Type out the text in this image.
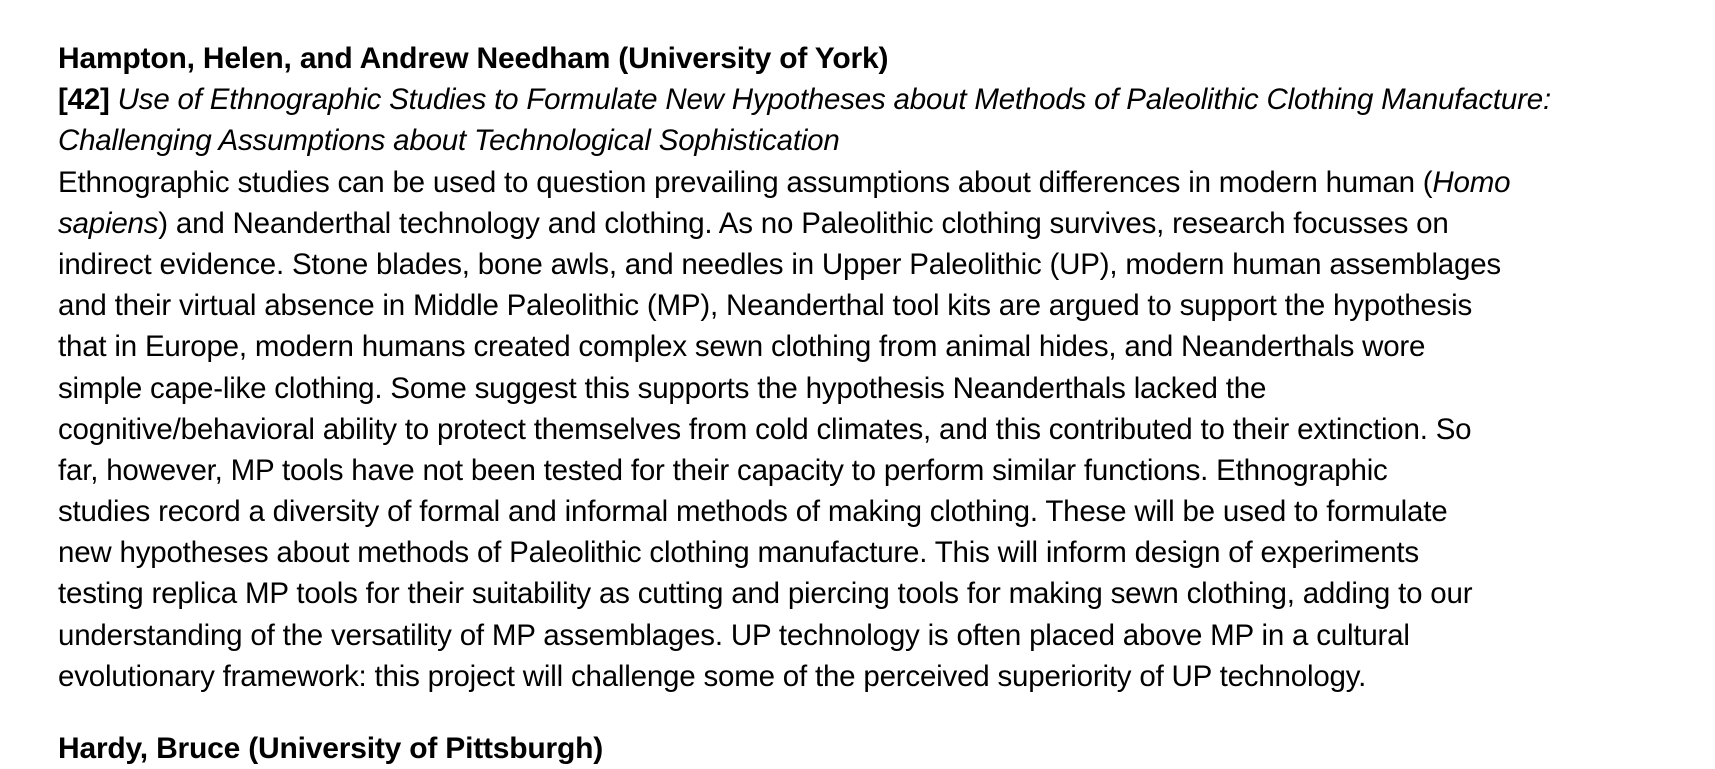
Hampton, Helen, and Andrew Needham (University of York)
[42] Use of Ethnographic Studies to Formulate New Hypotheses about Methods of Paleolithic Clothing Manufacture:
Challenging Assumptions about Technological Sophistication
Ethnographic studies can be used to question prevailing assumptions about differences in modern human (Homo
sapiens) and Neanderthal technology and clothing. As no Paleolithic clothing survives, research focusses on
indirect evidence. Stone blades, bone awls, and needles in Upper Paleolithic (UP), modern human assemblages
and their virtual absence in Middle Paleolithic (MP), Neanderthal tool kits are argued to support the hypothesis
that in Europe, modern humans created complex sewn clothing from animal hides, and Neanderthals wore
simple cape-like clothing. Some suggest this supports the hypothesis Neanderthals lacked the
cognitive/behavioral ability to protect themselves from cold climates, and this contributed to their extinction. So
far, however, MP tools have not been tested for their capacity to perform similar functions. Ethnographic
studies record a diversity of formal and informal methods of making clothing. These will be used to formulate
new hypotheses about methods of Paleolithic clothing manufacture. This will inform design of experiments
testing replica MP tools for their suitability as cutting and piercing tools for making sewn clothing, adding to our
understanding of the versatility of MP assemblages. UP technology is often placed above MP in a cultural
evolutionary framework: this project will challenge some of the perceived superiority of UP technology.
Hardy, Bruce (University of Pittsburgh)
